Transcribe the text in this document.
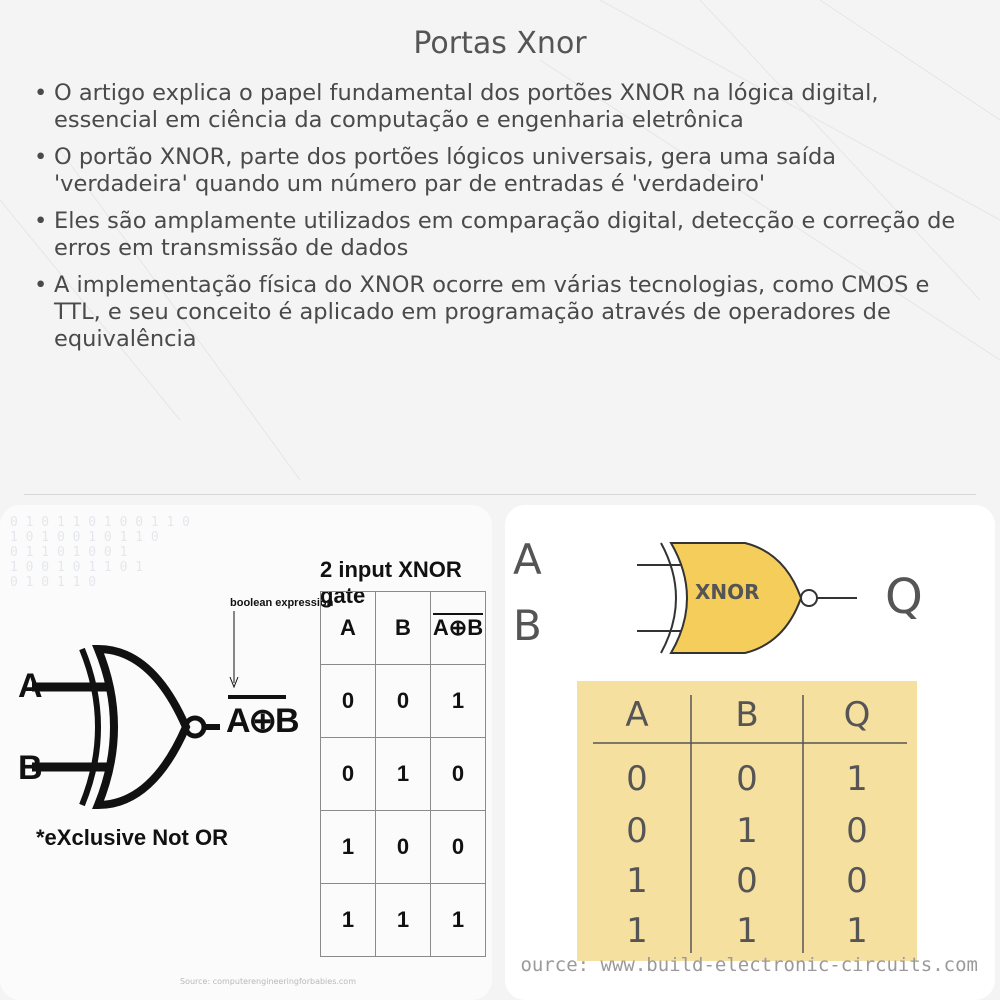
Portas Xnor
• O artigo explica o papel fundamental dos portões XNOR na lógica digital, essencial em ciência da computação e engenharia eletrônica
• O portão XNOR, parte dos portões lógicos universais, gera uma saída 'verdadeira' quando um número par de entradas é 'verdadeiro'
• Eles são amplamente utilizados em comparação digital, detecção e correção de erros em transmissão de dados
• A implementação física do XNOR ocorre em várias tecnologias, como CMOS e TTL, e seu conceito é aplicado em programação através de operadores de equivalência
0 1 0 1 1 0 1 0 0 1 1 0
1 0 1 0 0 1 0 1 1 0
0 1 1 0 1 0 0 1
1 0 0 1 0 1 1 0 1
0 1 0 1 1 0
A
B
boolean expression
A⊕B
2 input XNOR gate
A	B	A⊕B
0	0	1
0	1	0
1	0	0
1	1	1
*eXclusive Not OR
Source: computerengineeringforbabies.com
A
B
XNOR	Q
A	B	Q
0	0	1
0	1	0
1	0	0
1	1	1
ource: www.build-electronic-circuits.com
